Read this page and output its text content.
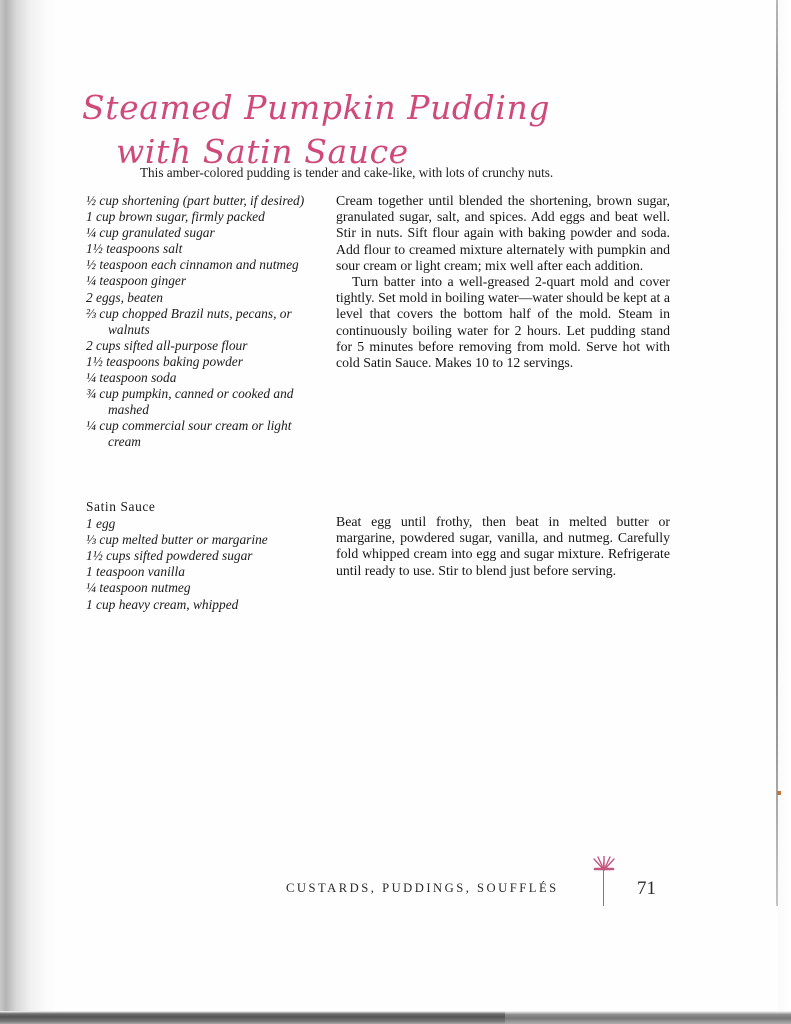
Steamed Pumpkin Pudding
with Satin Sauce
This amber-colored pudding is tender and cake-like, with lots of crunchy nuts.
½ cup shortening (part butter, if desired)
1 cup brown sugar, firmly packed
¼ cup granulated sugar
1½ teaspoons salt
½ teaspoon each cinnamon and nutmeg
¼ teaspoon ginger
2 eggs, beaten
⅔ cup chopped Brazil nuts, pecans, or walnuts
2 cups sifted all-purpose flour
1½ teaspoons baking powder
¼ teaspoon soda
¾ cup pumpkin, canned or cooked and mashed
¼ cup commercial sour cream or light cream
Satin Sauce
1 egg
⅓ cup melted butter or margarine
1½ cups sifted powdered sugar
1 teaspoon vanilla
¼ teaspoon nutmeg
1 cup heavy cream, whipped

Cream together until blended the shortening, brown sugar, granulated sugar, salt, and spices. Add eggs and beat well. Stir in nuts. Sift flour again with baking powder and soda. Add flour to creamed mixture alternately with pumpkin and sour cream or light cream; mix well after each addition.

Turn batter into a well-greased 2-quart mold and cover tightly. Set mold in boiling water—water should be kept at a level that covers the bottom half of the mold. Steam in continuously boiling water for 2 hours. Let pudding stand for 5 minutes before removing from mold. Serve hot with cold Satin Sauce. Makes 10 to 12 servings.

Beat egg until frothy, then beat in melted butter or margarine, powdered sugar, vanilla, and nutmeg. Carefully fold whipped cream into egg and sugar mixture. Refrigerate until ready to use. Stir to blend just before serving.

CUSTARDS, PUDDINGS, SOUFFLÉS	71
